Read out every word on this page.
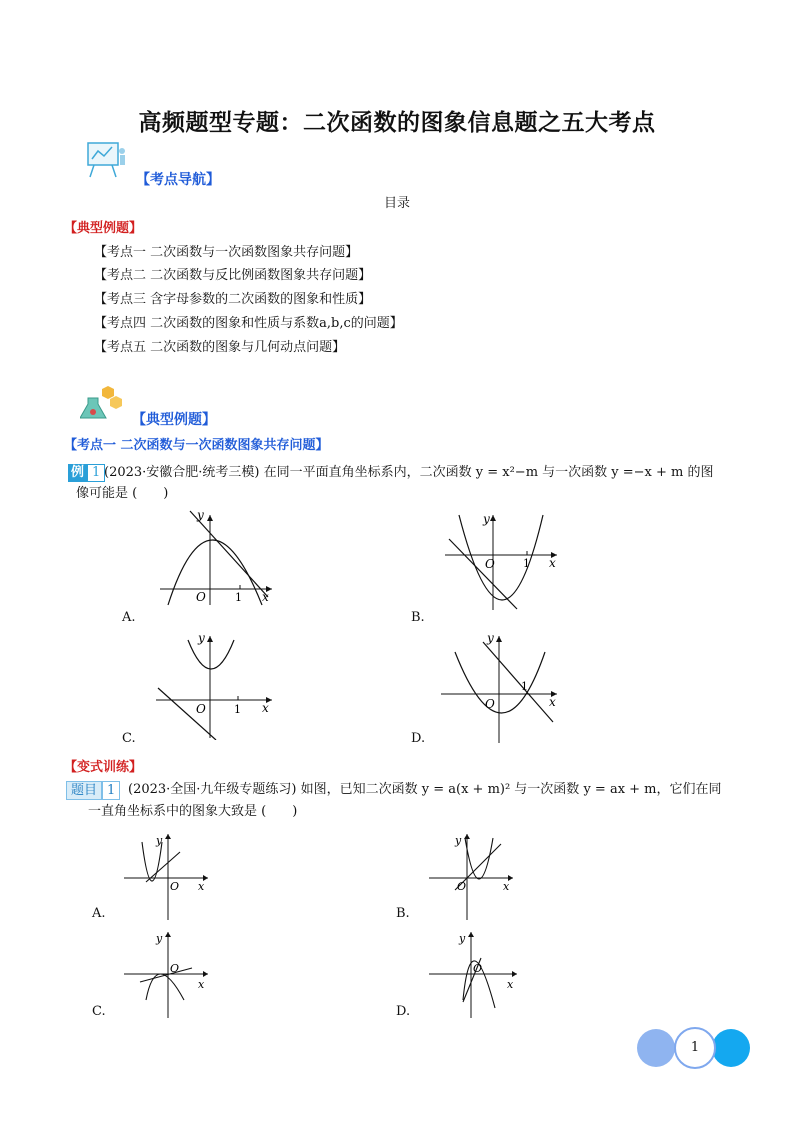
高频题型专题：二次函数的图象信息题之五大考点
【考点导航】
目录
【典型例题】
【考点一 二次函数与一次函数图象共存问题】
【考点二 二次函数与反比例函数图象共存问题】
【考点三 含字母参数的二次函数的图象和性质】
【考点四 二次函数的图象和性质与系数a,b,c的问题】
【考点五 二次函数的图象与几何动点问题】
【典型例题】
【考点一 二次函数与一次函数图象共存问题】
例 1 (2023·安徽合肥·统考三模) 在同一平面直角坐标系内，二次函数 y = x²−m 与一次函数 y =−x + m 的图
像可能是 (　　)
y
x
O	1
A.
y
x
O	1
B.
y
x
O	1
C.
y
x
O
1
D.
【变式训练】
题目 1 (2023·全国·九年级专题练习) 如图，已知二次函数 y = a(x + m)² 与一次函数 y = ax + m，它们在同
一直角坐标系中的图象大致是 (　　)
y
x
O
A.
y
x
O
B.
y
x
O
C.
y
x
O
D.
1
